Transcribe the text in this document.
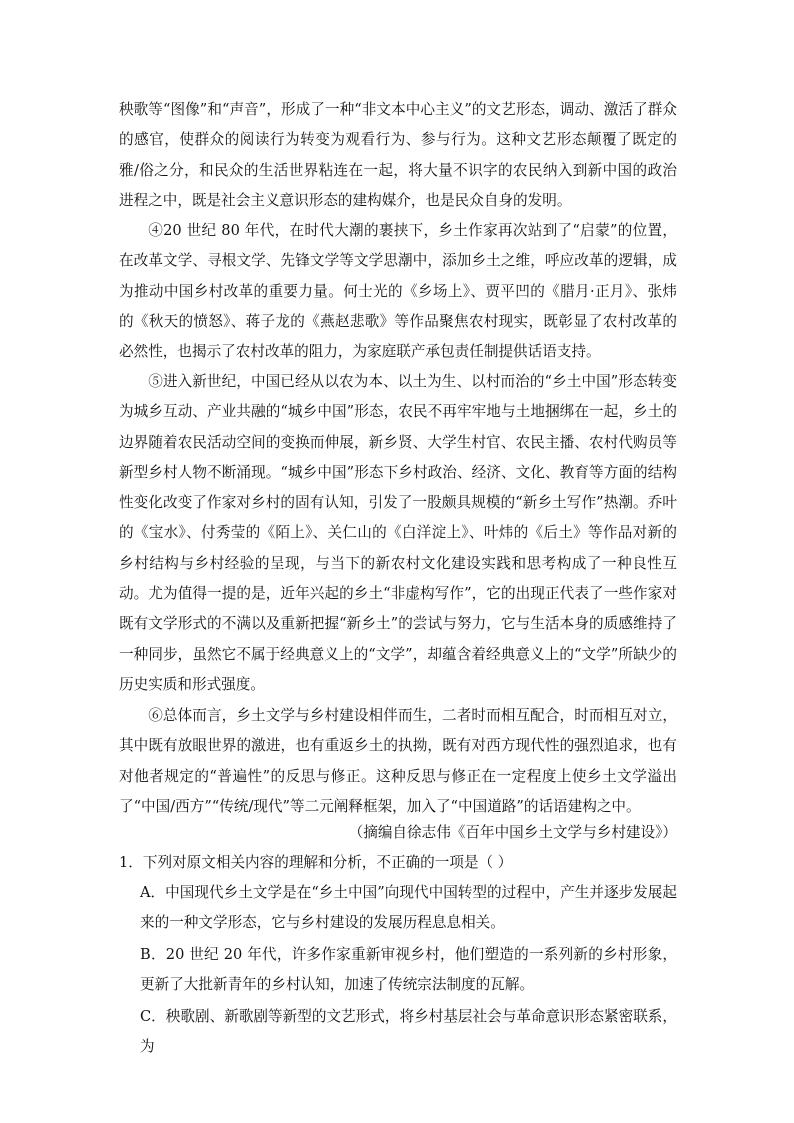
秧歌等“图像”和“声音”，形成了一种“非文本中心主义”的文艺形态，调动、激活了群众的感官，使群众的阅读行为转变为观看行为、参与行为。这种文艺形态颠覆了既定的雅/俗之分，和民众的生活世界粘连在一起，将大量不识字的农民纳入到新中国的政治进程之中，既是社会主义意识形态的建构媒介，也是民众自身的发明。

④20 世纪 80 年代，在时代大潮的裹挟下，乡土作家再次站到了“启蒙”的位置，在改革文学、寻根文学、先锋文学等文学思潮中，添加乡土之维，呼应改革的逻辑，成为推动中国乡村改革的重要力量。何士光的《乡场上》、贾平凹的《腊月·正月》、张炜的《秋天的愤怒》、蒋子龙的《燕赵悲歌》等作品聚焦农村现实，既彰显了农村改革的必然性，也揭示了农村改革的阻力，为家庭联产承包责任制提供话语支持。

⑤进入新世纪，中国已经从以农为本、以土为生、以村而治的“乡土中国”形态转变为城乡互动、产业共融的“城乡中国”形态，农民不再牢牢地与土地捆绑在一起，乡土的边界随着农民活动空间的变换而伸展，新乡贤、大学生村官、农民主播、农村代购员等新型乡村人物不断涌现。“城乡中国”形态下乡村政治、经济、文化、教育等方面的结构性变化改变了作家对乡村的固有认知，引发了一股颇具规模的“新乡土写作”热潮。乔叶的《宝水》、付秀莹的《陌上》、关仁山的《白洋淀上》、叶炜的《后土》等作品对新的乡村结构与乡村经验的呈现，与当下的新农村文化建设实践和思考构成了一种良性互动。尤为值得一提的是，近年兴起的乡土“非虚构写作”，它的出现正代表了一些作家对既有文学形式的不满以及重新把握“新乡土”的尝试与努力，它与生活本身的质感维持了一种同步，虽然它不属于经典意义上的“文学”，却蕴含着经典意义上的“文学”所缺少的历史实质和形式强度。

⑥总体而言，乡土文学与乡村建设相伴而生，二者时而相互配合，时而相互对立，其中既有放眼世界的激进，也有重返乡土的执拗，既有对西方现代性的强烈追求，也有对他者规定的“普遍性”的反思与修正。这种反思与修正在一定程度上使乡土文学溢出了“中国/西方”“传统/现代”等二元阐释框架，加入了“中国道路”的话语建构之中。

（摘编自徐志伟《百年中国乡土文学与乡村建设》）

1．下列对原文相关内容的理解和分析，不正确的一项是（ ）

A．中国现代乡土文学是在“乡土中国”向现代中国转型的过程中，产生并逐步发展起来的一种文学形态，它与乡村建设的发展历程息息相关。

B．20 世纪 20 年代，许多作家重新审视乡村，他们塑造的一系列新的乡村形象，更新了大批新青年的乡村认知，加速了传统宗法制度的瓦解。

C．秧歌剧、新歌剧等新型的文艺形式，将乡村基层社会与革命意识形态紧密联系，为
